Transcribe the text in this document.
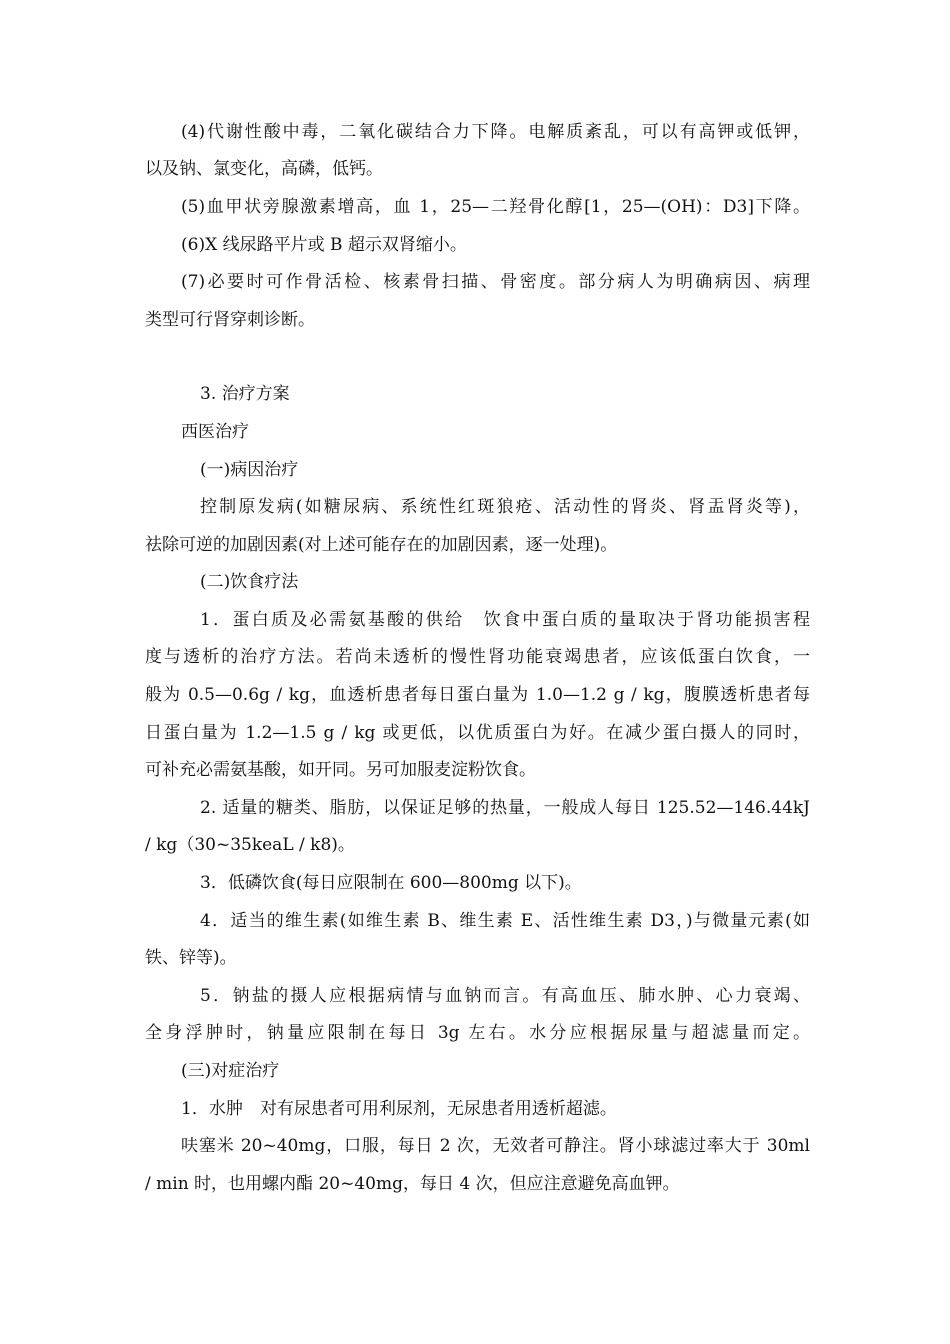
(4)代谢性酸中毒，二氧化碳结合力下降。电解质紊乱，可以有高钾或低钾，
以及钠、氯变化，高磷，低钙。
(5)血甲状旁腺激素增高，血 1，25—二羟骨化醇[1，25—(OH)：D3]下降。
(6)X 线尿路平片或 B 超示双肾缩小。
(7)必要时可作骨活检、核素骨扫描、骨密度。部分病人为明确病因、病理
类型可行肾穿刺诊断。
3. 治疗方案
西医治疗
(一)病因治疗
控制原发病(如糖尿病、系统性红斑狼疮、活动性的肾炎、肾盂肾炎等)，
祛除可逆的加剧因素(对上述可能存在的加剧因素，逐一处理)。
(二)饮食疗法
1．蛋白质及必需氨基酸的供给　饮食中蛋白质的量取决于肾功能损害程
度与透析的治疗方法。若尚未透析的慢性肾功能衰竭患者，应该低蛋白饮食，一
般为 0.5—0.6g / kg，血透析患者每日蛋白量为 1.0—1.2 g / kg，腹膜透析患者每
日蛋白量为 1.2—1.5 g / kg 或更低，以优质蛋白为好。在减少蛋白摄人的同时，
可补充必需氨基酸，如开同。另可加服麦淀粉饮食。
2. 适量的糖类、脂肪，以保证足够的热量，一般成人每日 125.52—146.44kJ
/ kg（30~35keaL / k8)。
3．低磷饮食(每日应限制在 600—800mg 以下)。
4．适当的维生素(如维生素 B、维生素 E、活性维生素 D3，)与微量元素(如
铁、锌等)。
5．钠盐的摄人应根据病情与血钠而言。有高血压、肺水肿、心力衰竭、
全身浮肿时，钠量应限制在每日 3g 左右。水分应根据尿量与超滤量而定。
(三)对症治疗
1．水肿　对有尿患者可用利尿剂，无尿患者用透析超滤。
呋塞米 20~40mg，口服，每日 2 次，无效者可静注。肾小球滤过率大于 30ml
/ min 时，也用螺内酯 20~40mg，每日 4 次，但应注意避免高血钾。
